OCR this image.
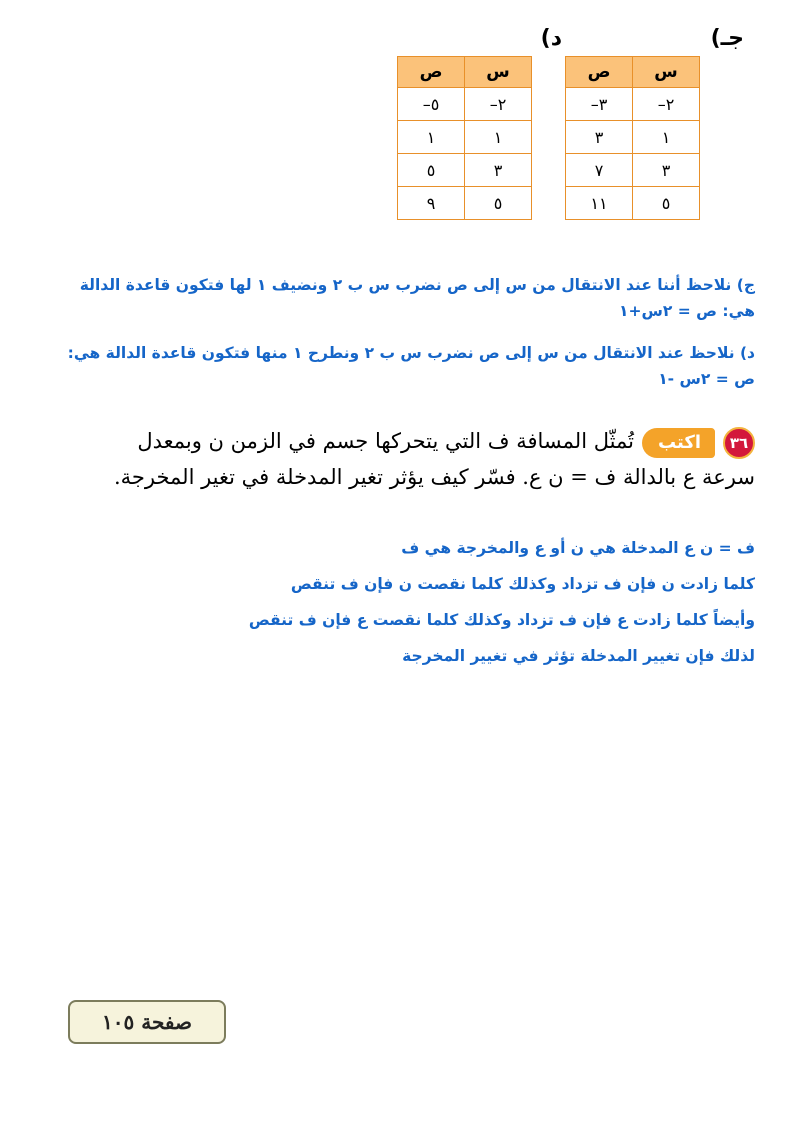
جـ)
د)
س	ص
٢–	٣–
١	٣
٣	٧
٥	١١
س	ص
٢–	٥–
١	١
٣	٥
٥	٩
ج) نلاحظ أننا عند الانتقال من س إلى ص نضرب س ب ٢ ونضيف ١ لها فتكون قاعدة الدالة
هي: ص = ٢س+١
د) نلاحظ عند الانتقال من س إلى ص نضرب س ب ٢ ونطرح ١ منها فتكون قاعدة الدالة هي:
ص = ٢س -١
٣٦اكتبتُمثّل المسافة ف التي يتحركها جسم في الزمن ن وبمعدل
سرعة ع بالدالة ف = ن ع. فسّر كيف يؤثر تغير المدخلة في تغير المخرجة.
ف = ن ع المدخلة هي ن أو ع والمخرجة هي ف
كلما زادت ن فإن ف تزداد وكذلك كلما نقصت ن فإن ف تنقص
وأيضاً كلما زادت ع فإن ف تزداد وكذلك كلما نقصت ع فإن ف تنقص
لذلك فإن تغيير المدخلة تؤثر في تغيير المخرجة
صفحة ١٠٥
